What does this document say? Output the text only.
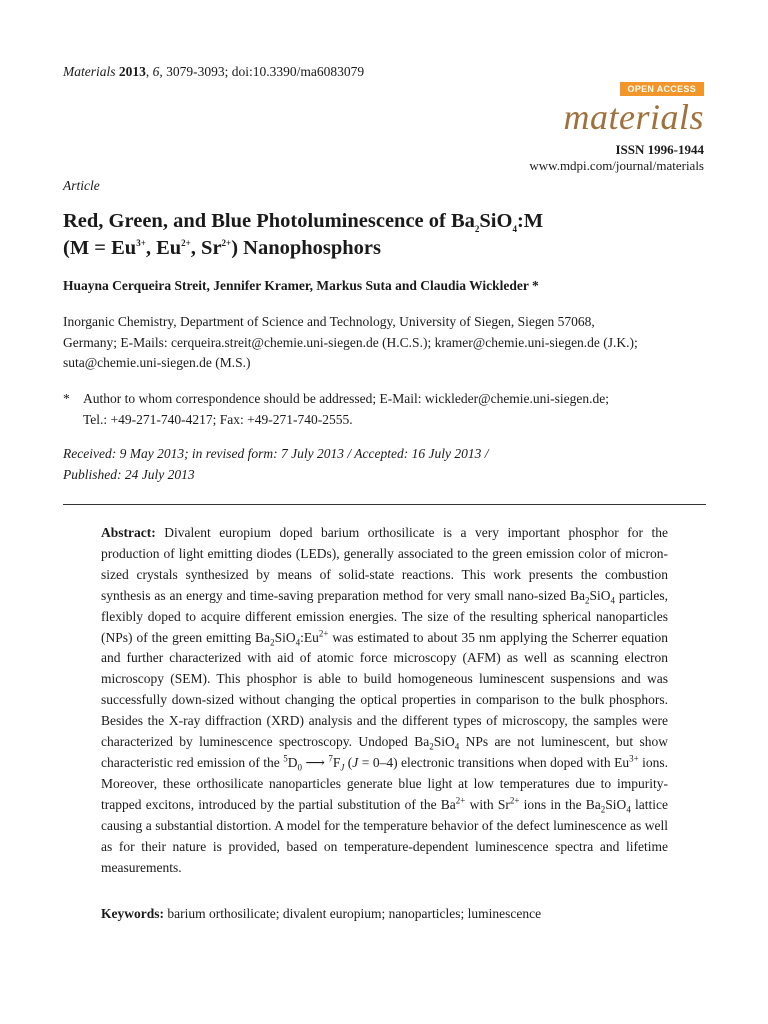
Materials 2013, 6, 3079-3093; doi:10.3390/ma6083079
OPEN ACCESS
materials
ISSN 1996-1944
www.mdpi.com/journal/materials
Article
Red, Green, and Blue Photoluminescence of $Ba_2SiO_4:M$
($M = Eu^{3+}$, $Eu^{2+}$, $Sr^{2+}$) Nanophosphors
Huayna Cerqueira Streit, Jennifer Kramer, Markus Suta and Claudia Wickleder *
Inorganic Chemistry, Department of Science and Technology, University of Siegen, Siegen 57068,
Germany; E-Mails: cerqueira.streit@chemie.uni-siegen.de (H.C.S.); kramer@chemie.uni-siegen.de (J.K.);
suta@chemie.uni-siegen.de (M.S.)
* Author to whom correspondence should be addressed; E-Mail: wickleder@chemie.uni-siegen.de;
Tel.: +49-271-740-4217; Fax: +49-271-740-2555.
Received: 9 May 2013; in revised form: 7 July 2013 / Accepted: 16 July 2013 /
Published: 24 July 2013

Abstract: Divalent europium doped barium orthosilicate is a very important phosphor for the production of light emitting diodes (LEDs), generally associated to the green emission color of micron-sized crystals synthesized by means of solid-state reactions. This work presents the combustion synthesis as an energy and time-saving preparation method for very small nano-sized $Ba_2SiO_4$ particles, flexibly doped to acquire different emission energies. The size of the resulting spherical nanoparticles (NPs) of the green emitting $Ba_2SiO_4:Eu^{2+}$ was estimated to about 35 nm applying the Scherrer equation and further characterized with aid of atomic force microscopy (AFM) as well as scanning electron microscopy (SEM). This phosphor is able to build homogeneous luminescent suspensions and was successfully down-sized without changing the optical properties in comparison to the bulk phosphors. Besides the X-ray diffraction (XRD) analysis and the different types of microscopy, the samples were characterized by luminescence spectroscopy. Undoped $Ba_2SiO_4$ NPs are not luminescent, but show characteristic red emission of the $^5D_0$ ⟶ $^7F_J$ (J = 0–4) electronic transitions when doped with $Eu^{3+}$ ions. Moreover, these orthosilicate nanoparticles generate blue light at low temperatures due to impurity-trapped excitons, introduced by the partial substitution of the $Ba^{2+}$ with $Sr^{2+}$ ions in the $Ba_2SiO_4$ lattice causing a substantial distortion. A model for the temperature behavior of the defect luminescence as well as for their nature is provided, based on temperature-dependent luminescence spectra and lifetime measurements.

Keywords: barium orthosilicate; divalent europium; nanoparticles; luminescence
